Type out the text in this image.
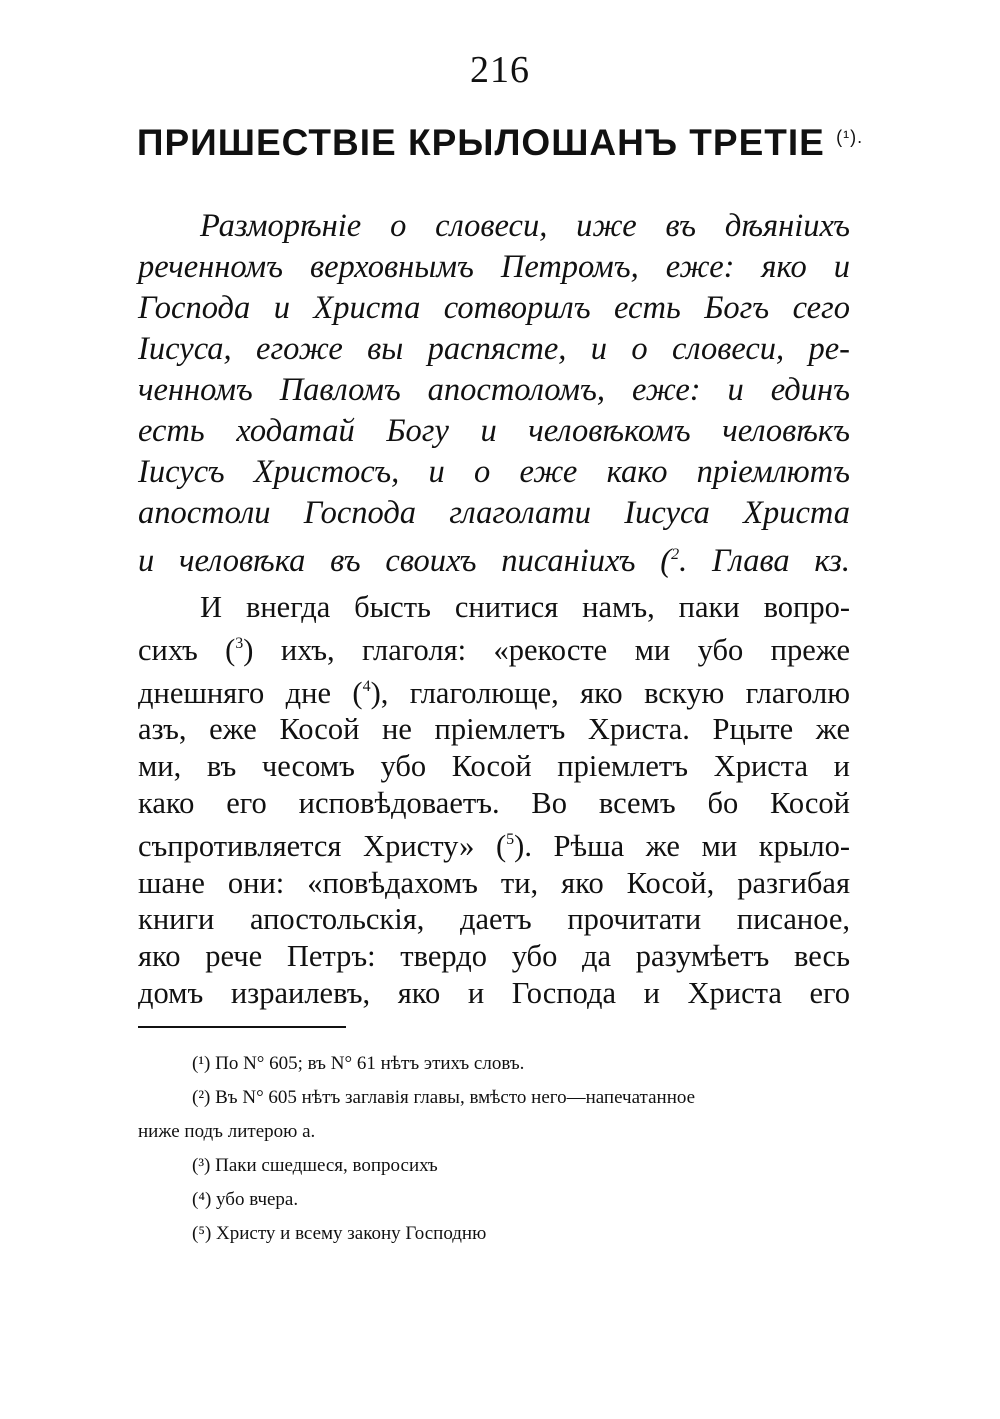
216
ПРИШЕСТВІЕ КРЫЛОШАНЪ ТРЕТІЕ $^{(^1).}$
Размоpѣніе о словеси, иже въ дѣяніихъ
реченномъ верховнымъ Петромъ, еже: яко и
Господа и Христа сотворилъ есть Богъ сего
Іисуса, егоже вы распясте, и о словеси, ре-
ченномъ Павломъ апостоломъ, еже: и единъ
есть ходатай Богу и человѣкомъ человѣкъ
Іисусъ Христосъ, и о еже како пріемлютъ
апостоли Господа глаголати Іисуса Христа
и человѣка въ своихъ писаніихъ ($^2$. Глава кз.
И внегда бысть снитися намъ, паки вопро-
сихъ ($^3$) ихъ, глаголя: «рекосте ми убо преже
днешняго дне ($^4$), глаголюще, яко вскую глаголю
азъ, еже Косой не пріемлетъ Христа. Рцыте же
ми, въ чесомъ убо Косой пріемлетъ Христа и
како его исповѣдоваетъ. Во всемъ бо Косой
съпротивляется Христу» ($^5$). Рѣша же ми крыло-
шане они: «повѣдахомъ ти, яко Косой, разгибая
книги апостольскія, даетъ прочитати писаное,
яко рече Петръ: твердо убо да разумѣетъ весь
домъ израилевъ, яко и Господа и Христа его
(¹) По N° 605; въ N° 61 нѣтъ этихъ словъ.
(²) Въ N° 605 нѣтъ заглавія главы, вмѣсто него—напечатанное
ниже подъ литерою а.
(³) Паки сшедшеся, вопросихъ
(⁴) убо вчера.
(⁵) Христу и всему закону Господню
